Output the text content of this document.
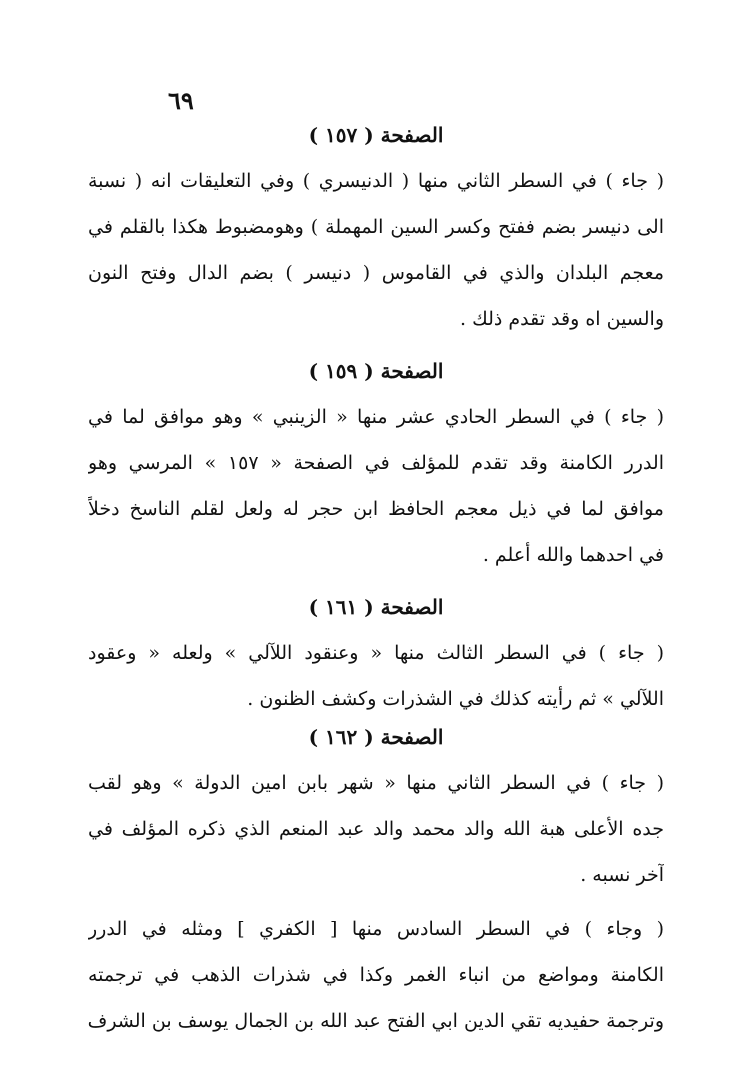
٦٩
الصفحة ( ١٥٧ )
( جاء ) في السطر الثاني منها ( الدنيسري ) وفي التعليقات انه ( نسبة
الى دنيسر بضم ففتح وكسر السين المهملة ) وهومضبوط هكذا بالقلم في
معجم البلدان والذي في القاموس ( دنيسر ) بضم الدال وفتح النون
والسين اه وقد تقدم ذلك .
الصفحة ( ١٥٩ )
( جاء ) في السطر الحادي عشر منها « الزينبي » وهو موافق لما في
الدرر الكامنة وقد تقدم للمؤلف في الصفحة « ١٥٧ » المرسي وهو
موافق لما في ذيل معجم الحافظ ابن حجر له ولعل لقلم الناسخ دخلاً
في احدهما والله أعلم .
الصفحة ( ١٦١ )
( جاء ) في السطر الثالث منها « وعنقود اللآلي » ولعله « وعقود
اللآلي » ثم رأيته كذلك في الشذرات وكشف الظنون .
الصفحة ( ١٦٢ )
( جاء ) في السطر الثاني منها « شهر بابن امين الدولة » وهو لقب
جده الأعلى هبة الله والد محمد والد عبد المنعم الذي ذكره المؤلف في
آخر نسبه .
( وجاء ) في السطر السادس منها [ الكفري ] ومثله في الدرر
الكامنة ومواضع من انباء الغمر وكذا في شذرات الذهب في ترجمته
وترجمة حفيديه تقي الدين ابي الفتح عبد الله بن الجمال يوسف بن الشرف
